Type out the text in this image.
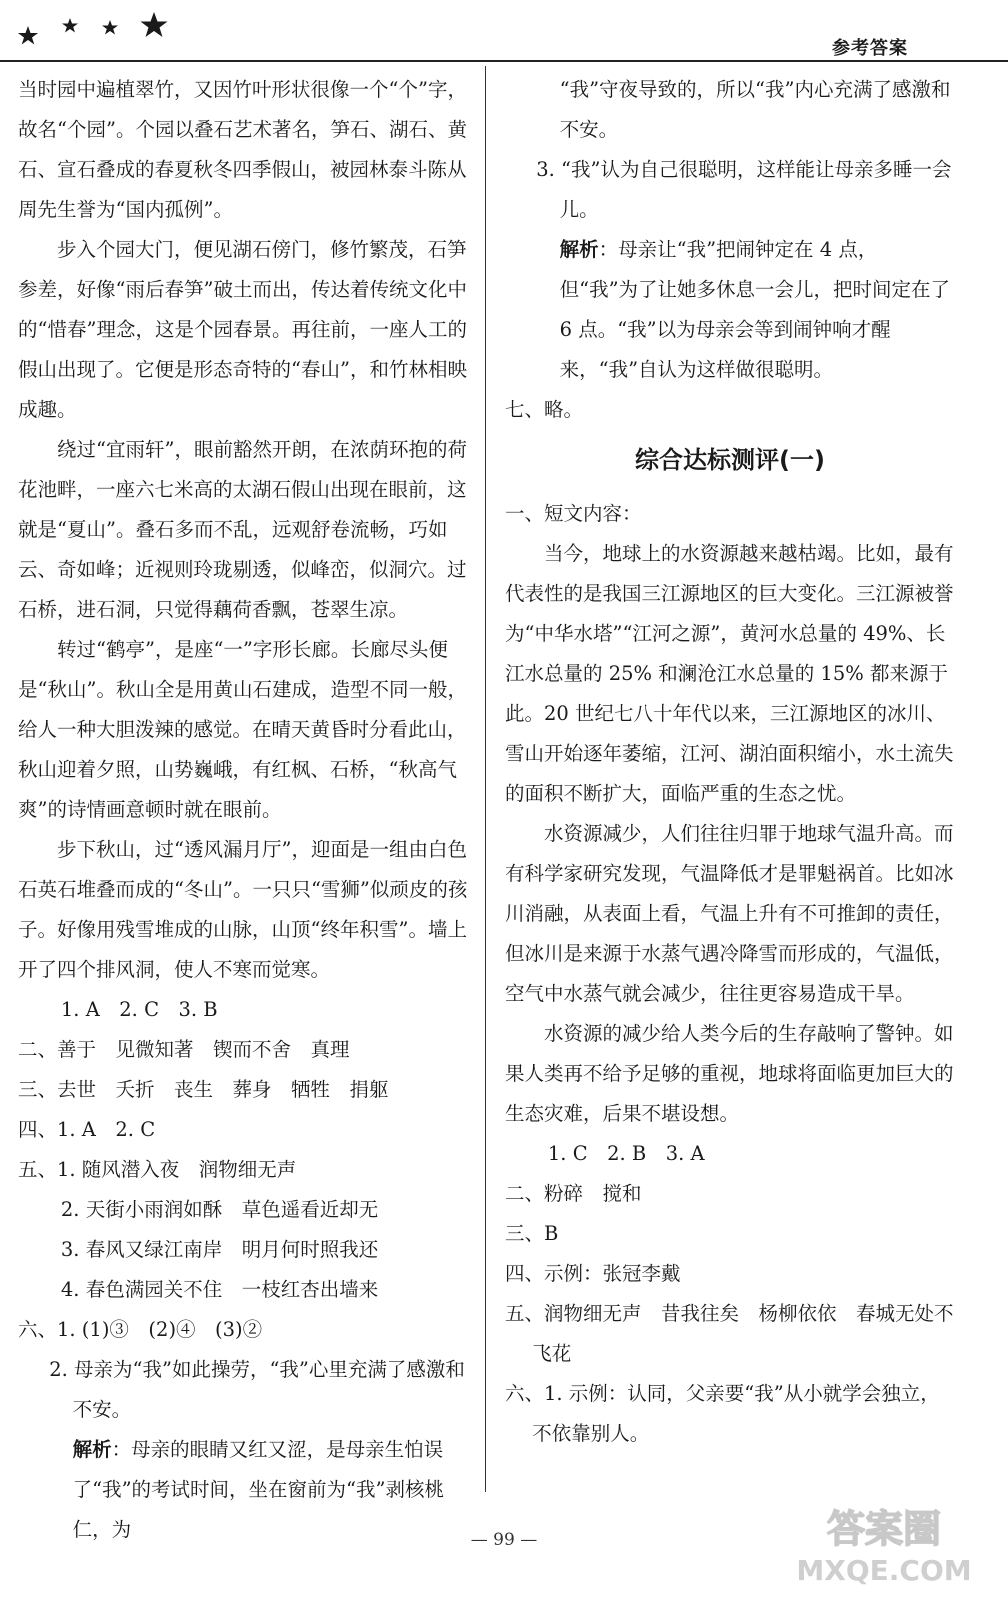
参考答案

当时园中遍植翠竹，又因竹叶形状很像一个“个”字，故名“个园”。个园以叠石艺术著名，笋石、湖石、黄石、宣石叠成的春夏秋冬四季假山，被园林泰斗陈从周先生誉为“国内孤例”。

步入个园大门，便见湖石傍门，修竹繁茂，石笋参差，好像“雨后春笋”破土而出，传达着传统文化中的“惜春”理念，这是个园春景。再往前，一座人工的假山出现了。它便是形态奇特的“春山”，和竹林相映成趣。

绕过“宜雨轩”，眼前豁然开朗，在浓荫环抱的荷花池畔，一座六七米高的太湖石假山出现在眼前，这就是“夏山”。叠石多而不乱，远观舒卷流畅，巧如云、奇如峰；近视则玲珑剔透，似峰峦，似洞穴。过石桥，进石洞，只觉得藕荷香飘，苍翠生凉。

转过“鹤亭”，是座“一”字形长廊。长廊尽头便是“秋山”。秋山全是用黄山石建成，造型不同一般，给人一种大胆泼辣的感觉。在晴天黄昏时分看此山，秋山迎着夕照，山势巍峨，有红枫、石桥，“秋高气爽”的诗情画意顿时就在眼前。

步下秋山，过“透风漏月厅”，迎面是一组由白色石英石堆叠而成的“冬山”。一只只“雪狮”似顽皮的孩子。好像用残雪堆成的山脉，山顶“终年积雪”。墙上开了四个排风洞，使人不寒而觉寒。

1. A　2. C　3. B

二、善于　见微知著　锲而不舍　真理

三、去世　夭折　丧生　葬身　牺牲　捐躯

四、1. A　2. C

五、1. 随风潜入夜　润物细无声

2. 天街小雨润如酥　草色遥看近却无

3. 春风又绿江南岸　明月何时照我还

4. 春色满园关不住　一枝红杏出墙来

六、1. (1)③　(2)④　(3)②

2. 母亲为“我”如此操劳，“我”心里充满了感激和不安。

解析：母亲的眼睛又红又涩，是母亲生怕误了“我”的考试时间，坐在窗前为“我”剥核桃仁，为

“我”守夜导致的，所以“我”内心充满了感激和不安。

3. “我”认为自己很聪明，这样能让母亲多睡一会儿。

解析：母亲让“我”把闹钟定在 4 点，但“我”为了让她多休息一会儿，把时间定在了 6 点。“我”以为母亲会等到闹钟响才醒来，“我”自认为这样做很聪明。

七、略。

综合达标测评(一)

一、短文内容：

当今，地球上的水资源越来越枯竭。比如，最有代表性的是我国三江源地区的巨大变化。三江源被誉为“中华水塔”“江河之源”，黄河水总量的 49%、长江水总量的 25% 和澜沧江水总量的 15% 都来源于此。20 世纪七八十年代以来，三江源地区的冰川、雪山开始逐年萎缩，江河、湖泊面积缩小，水土流失的面积不断扩大，面临严重的生态之忧。

水资源减少，人们往往归罪于地球气温升高。而有科学家研究发现，气温降低才是罪魁祸首。比如冰川消融，从表面上看，气温上升有不可推卸的责任，但冰川是来源于水蒸气遇冷降雪而形成的，气温低，空气中水蒸气就会减少，往往更容易造成干旱。

水资源的减少给人类今后的生存敲响了警钟。如果人类再不给予足够的重视，地球将面临更加巨大的生态灾难，后果不堪设想。

1. C　2. B　3. A

二、粉碎　搅和

三、B

四、示例：张冠李戴

五、润物细无声　昔我往矣　杨柳依依　春城无处不飞花

六、1. 示例：认同，父亲要“我”从小就学会独立，不依靠别人。

— 99 —	答案圈
MXQE.COM
